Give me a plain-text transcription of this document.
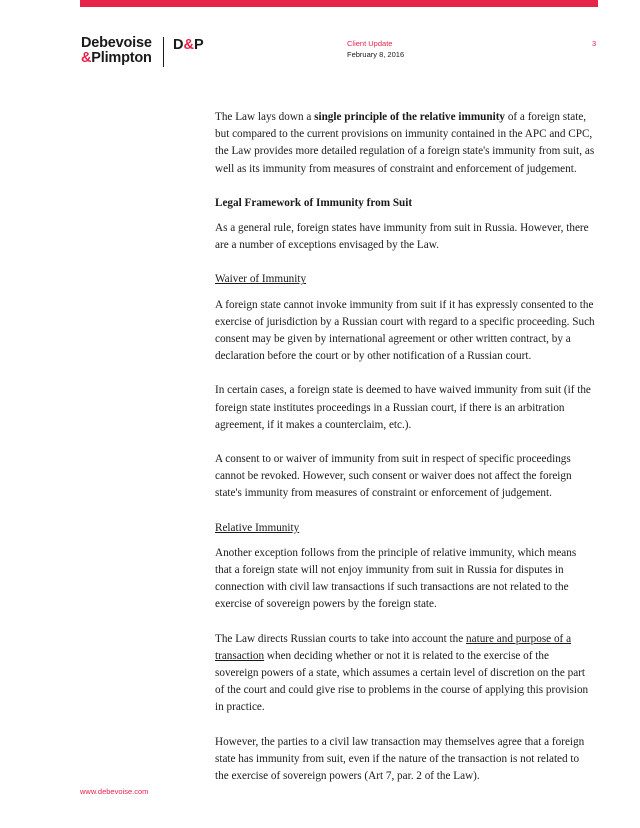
Debevoise
&Plimpton
D&P	Client Update
February 8, 2016
3

The Law lays down a single principle of the relative immunity of a foreign state, but compared to the current provisions on immunity contained in the APC and CPC, the Law provides more detailed regulation of a foreign state's immunity from suit, as well as its immunity from measures of constraint and enforcement of judgement.

Legal Framework of Immunity from Suit

As a general rule, foreign states have immunity from suit in Russia. However, there are a number of exceptions envisaged by the Law.

Waiver of Immunity

A foreign state cannot invoke immunity from suit if it has expressly consented to the exercise of jurisdiction by a Russian court with regard to a specific proceeding. Such consent may be given by international agreement or other written contract, by a declaration before the court or by other notification of a Russian court.

In certain cases, a foreign state is deemed to have waived immunity from suit (if the foreign state institutes proceedings in a Russian court, if there is an arbitration agreement, if it makes a counterclaim, etc.).

A consent to or waiver of immunity from suit in respect of specific proceedings cannot be revoked. However, such consent or waiver does not affect the foreign state's immunity from measures of constraint or enforcement of judgement.

Relative Immunity

Another exception follows from the principle of relative immunity, which means that a foreign state will not enjoy immunity from suit in Russia for disputes in connection with civil law transactions if such transactions are not related to the exercise of sovereign powers by the foreign state.

The Law directs Russian courts to take into account the nature and purpose of a transaction when deciding whether or not it is related to the exercise of the sovereign powers of a state, which assumes a certain level of discretion on the part of the court and could give rise to problems in the course of applying this provision in practice.

However, the parties to a civil law transaction may themselves agree that a foreign state has immunity from suit, even if the nature of the transaction is not related to the exercise of sovereign powers (Art 7, par. 2 of the Law).

www.debevoise.com
